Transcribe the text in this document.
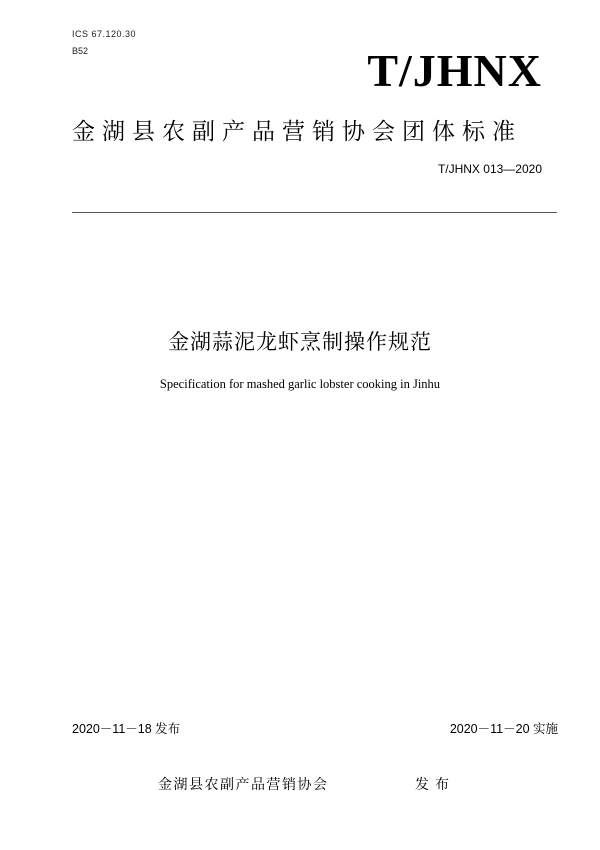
ICS 67.120.30
B52	T/JHNX
金湖县农副产品营销协会团体标准
T/JHNX 013—2020
金湖蒜泥龙虾烹制操作规范
Specification for mashed garlic lobster cooking in Jinhu
2020－11－18 发布	2020－11－20 实施
金湖县农副产品营销协会	发布
